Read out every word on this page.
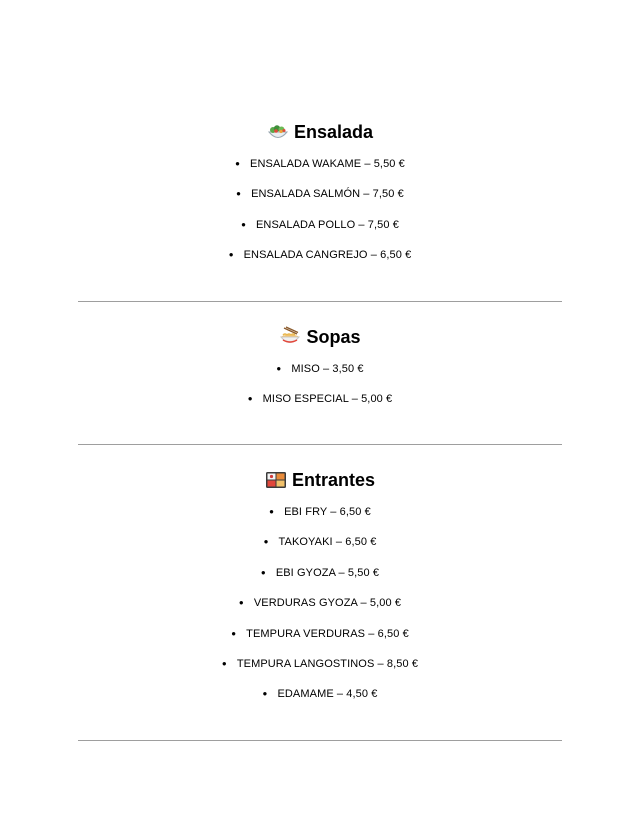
Ensalada
● ENSALADA WAKAME – 5,50 €
● ENSALADA SALMÓN – 7,50 €
● ENSALADA POLLO – 7,50 €
● ENSALADA CANGREJO – 6,50 €
Sopas
● MISO – 3,50 €
● MISO ESPECIAL – 5,00 €
Entrantes
● EBI FRY – 6,50 €
● TAKOYAKI – 6,50 €
● EBI GYOZA – 5,50 €
● VERDURAS GYOZA – 5,00 €
● TEMPURA VERDURAS – 6,50 €
● TEMPURA LANGOSTINOS – 8,50 €
● EDAMAME – 4,50 €
